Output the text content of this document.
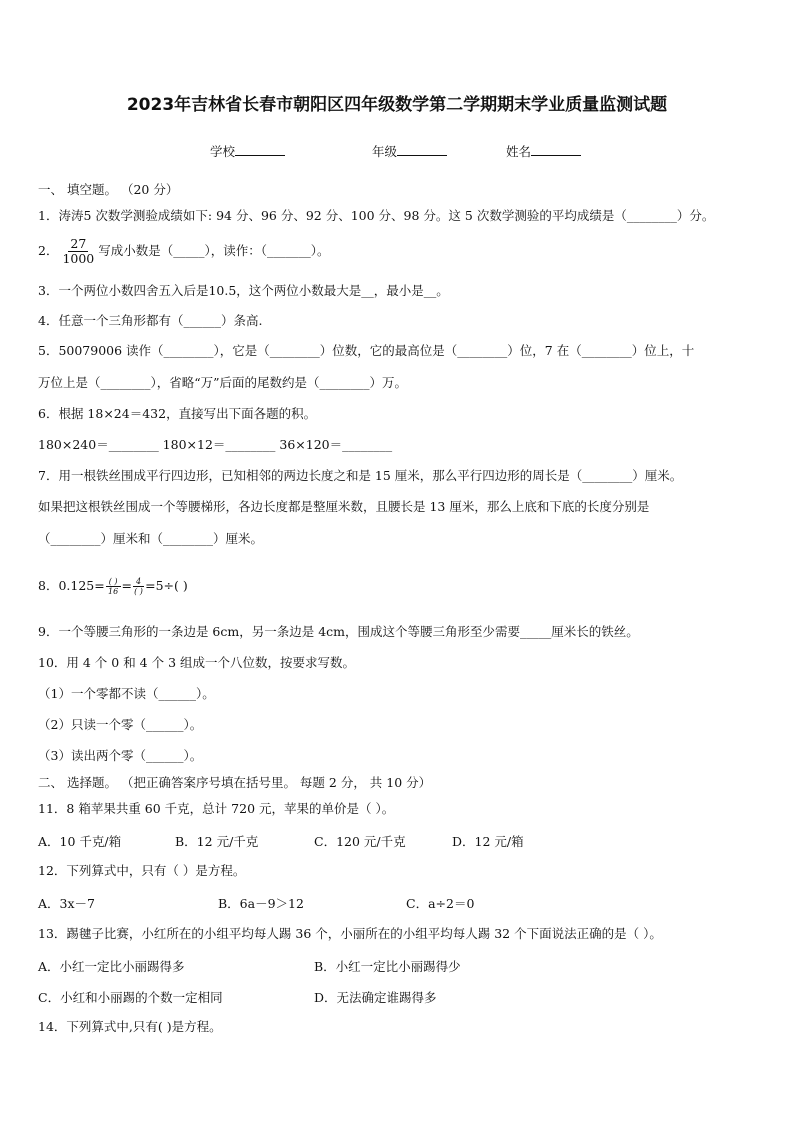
2023年吉林省长春市朝阳区四年级数学第二学期期末学业质量监测试题
学校	年级	姓名
一、 填空题。 （20 分）
1．涛涛5 次数学测验成绩如下: 94 分、96 分、92 分、100 分、98 分。这 5 次数学测验的平均成绩是（________）分。
2． $\frac{27}{1000}$ 写成小数是（_____），读作：（_______）。
3．一个两位小数四舍五入后是10.5，这个两位小数最大是__，最小是__。
4．任意一个三角形都有（______）条高.
5．50079006 读作（________），它是（________）位数，它的最高位是（________）位，7 在（________）位上，十
万位上是（________），省略“万”后面的尾数约是（________）万。
6．根据 18×24＝432，直接写出下面各题的积。
180×240＝________ 180×12＝________ 36×120＝________
7．用一根铁丝围成平行四边形，已知相邻的两边长度之和是 15 厘米，那么平行四边形的周长是（________）厘米。
如果把这根铁丝围成一个等腰梯形，各边长度都是整厘米数，且腰长是 13 厘米，那么上底和下底的长度分别是
（________）厘米和（________）厘米。
8．0.125= ( )
16 = 4
( ) =5÷( )
9．一个等腰三角形的一条边是 6cm，另一条边是 4cm，围成这个等腰三角形至少需要_____厘米长的铁丝。
10．用 4 个 0 和 4 个 3 组成一个八位数，按要求写数。
（1）一个零都不读（______）。
（2）只读一个零（______）。
（3）读出两个零（______）。
二、 选择题。 （把正确答案序号填在括号里。 每题 2 分， 共 10 分）
11．8 箱苹果共重 60 千克，总计 720 元，苹果的单价是（ ）。
A．10 千克/箱	B．12 元/千克	C．120 元/千克	D．12 元/箱
12．下列算式中，只有（ ）是方程。
A．3x－7	B．6a－9＞12	C．a÷2＝0
13．踢毽子比赛，小红所在的小组平均每人踢 36 个，小丽所在的小组平均每人踢 32 个下面说法正确的是（ ）。
A．小红一定比小丽踢得多	B．小红一定比小丽踢得少
C．小红和小丽踢的个数一定相同	D．无法确定谁踢得多
14．下列算式中,只有( )是方程。
